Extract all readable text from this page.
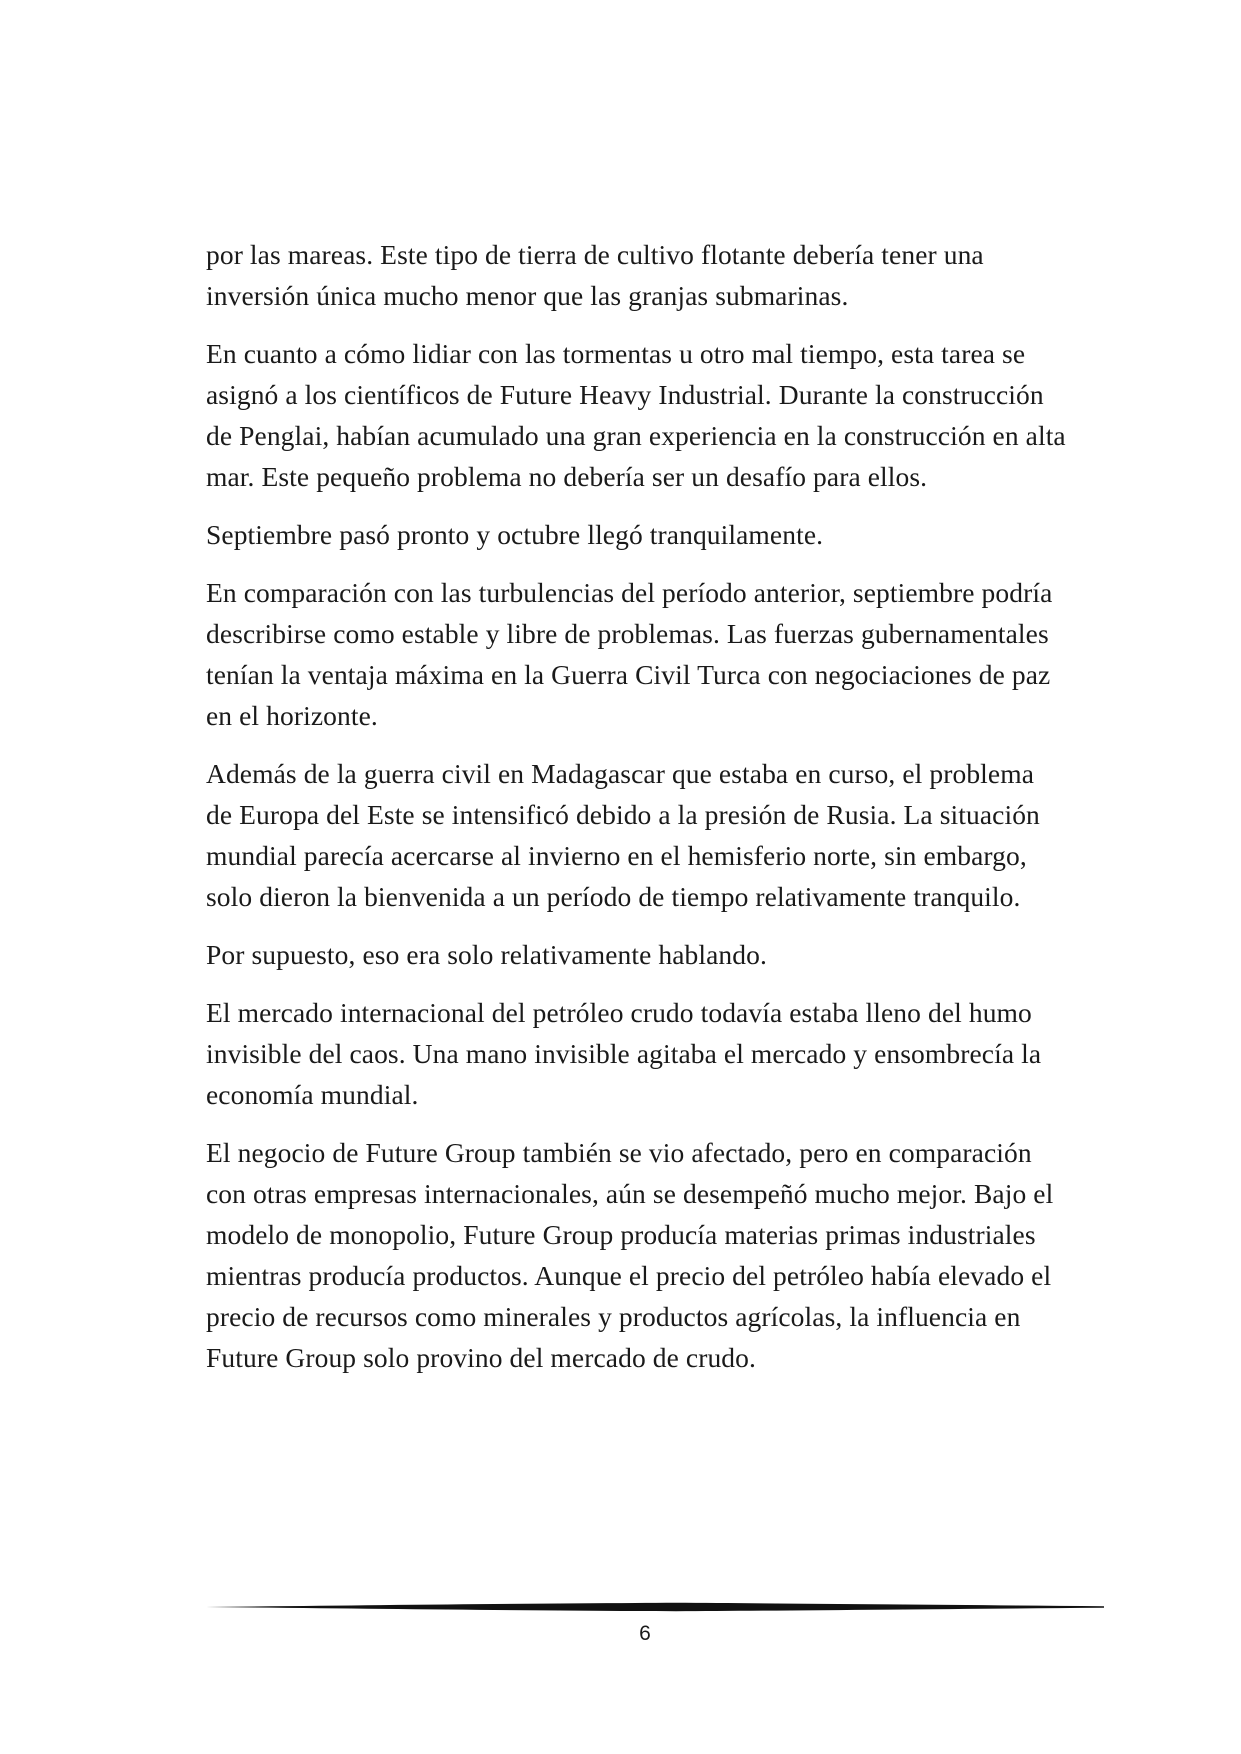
por las mareas. Este tipo de tierra de cultivo flotante debería tener una inversión única mucho menor que las granjas submarinas.

En cuanto a cómo lidiar con las tormentas u otro mal tiempo, esta tarea se asignó a los científicos de Future Heavy Industrial. Durante la construcción de Penglai, habían acumulado una gran experiencia en la construcción en alta mar. Este pequeño problema no debería ser un desafío para ellos.

Septiembre pasó pronto y octubre llegó tranquilamente.

En comparación con las turbulencias del período anterior, septiembre podría describirse como estable y libre de problemas. Las fuerzas gubernamentales tenían la ventaja máxima en la Guerra Civil Turca con negociaciones de paz en el horizonte.

Además de la guerra civil en Madagascar que estaba en curso, el problema de Europa del Este se intensificó debido a la presión de Rusia. La situación mundial parecía acercarse al invierno en el hemisferio norte, sin embargo, solo dieron la bienvenida a un período de tiempo relativamente tranquilo.

Por supuesto, eso era solo relativamente hablando.

El mercado internacional del petróleo crudo todavía estaba lleno del humo invisible del caos. Una mano invisible agitaba el mercado y ensombrecía la economía mundial.

El negocio de Future Group también se vio afectado, pero en comparación con otras empresas internacionales, aún se desempeñó mucho mejor. Bajo el modelo de monopolio, Future Group producía materias primas industriales mientras producía productos. Aunque el precio del petróleo había elevado el precio de recursos como minerales y productos agrícolas, la influencia en Future Group solo provino del mercado de crudo.

6
